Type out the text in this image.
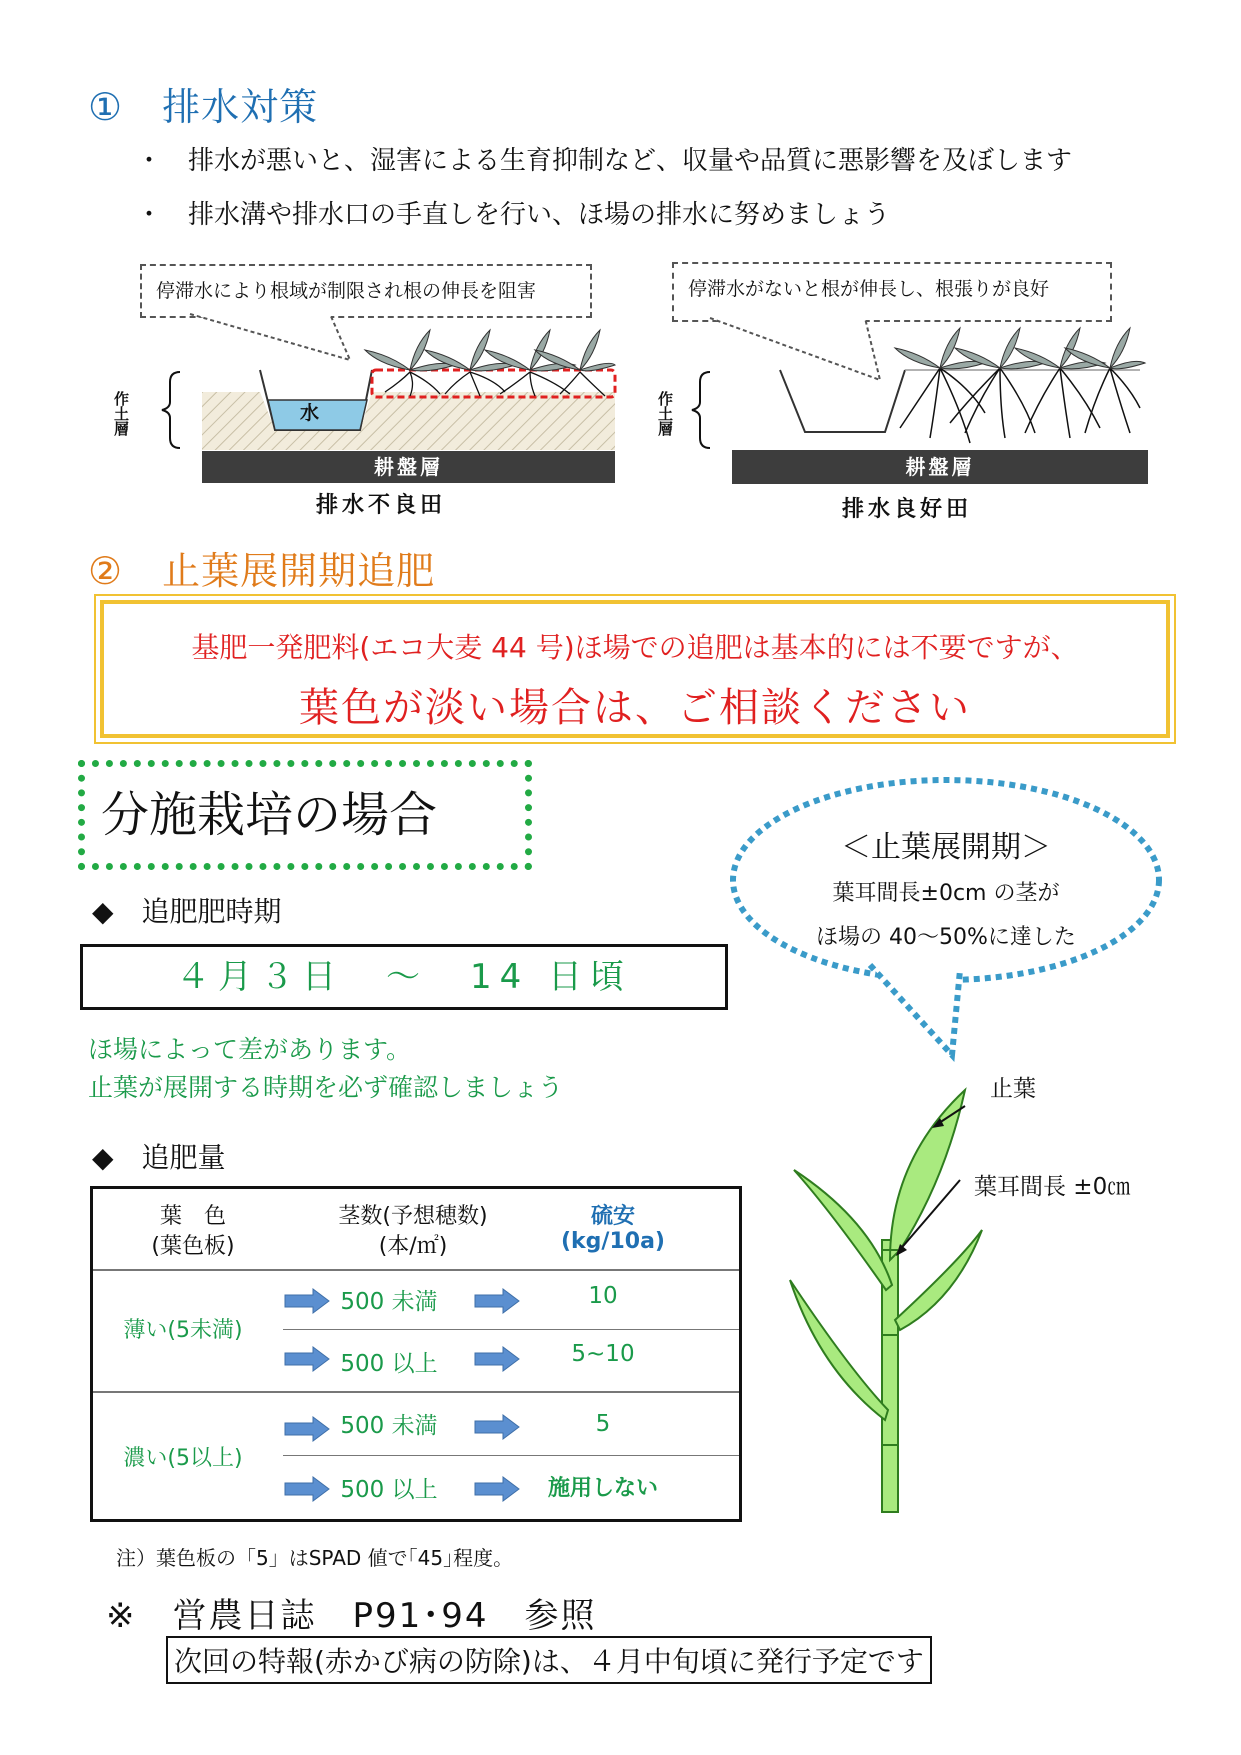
①　排水対策
・　排水が悪いと、湿害による生育抑制など、収量や品質に悪影響を及ぼします
・　排水溝や排水口の手直しを行い、ほ場の排水に努めましょう
停滞水により根域が制限され根の伸長を阻害
作土層
水
耕盤層
排水不良田
停滞水がないと根が伸長し、根張りが良好
作土層
耕盤層
排水良好田
②　止葉展開期追肥
基肥一発肥料(エコ大麦 44 号)ほ場での追肥は基本的には不要ですが、
葉色が淡い場合は、ご相談ください
分施栽培の場合
◆　追肥肥時期
４月３日　～　14 日頃
ほ場によって差があります。
止葉が展開する時期を必ず確認しましょう
◆　追肥量
葉　色
(葉色板)
茎数(予想穂数)
(本/㎡)
硫安
(kg/10a)
薄い(5未満)
500 未満	10
500 以上	5~10
濃い(5以上)
500 未満	5
500 以上	施用しない
注）葉色板の「5」はSPAD 値で｢45｣程度。
＜止葉展開期＞
葉耳間長±0cm の茎が
ほ場の 40～50%に達した
止葉
葉耳間長 ±0㎝
※　営農日誌　P91･94　参照
次回の特報(赤かび病の防除)は、４月中旬頃に発行予定です
